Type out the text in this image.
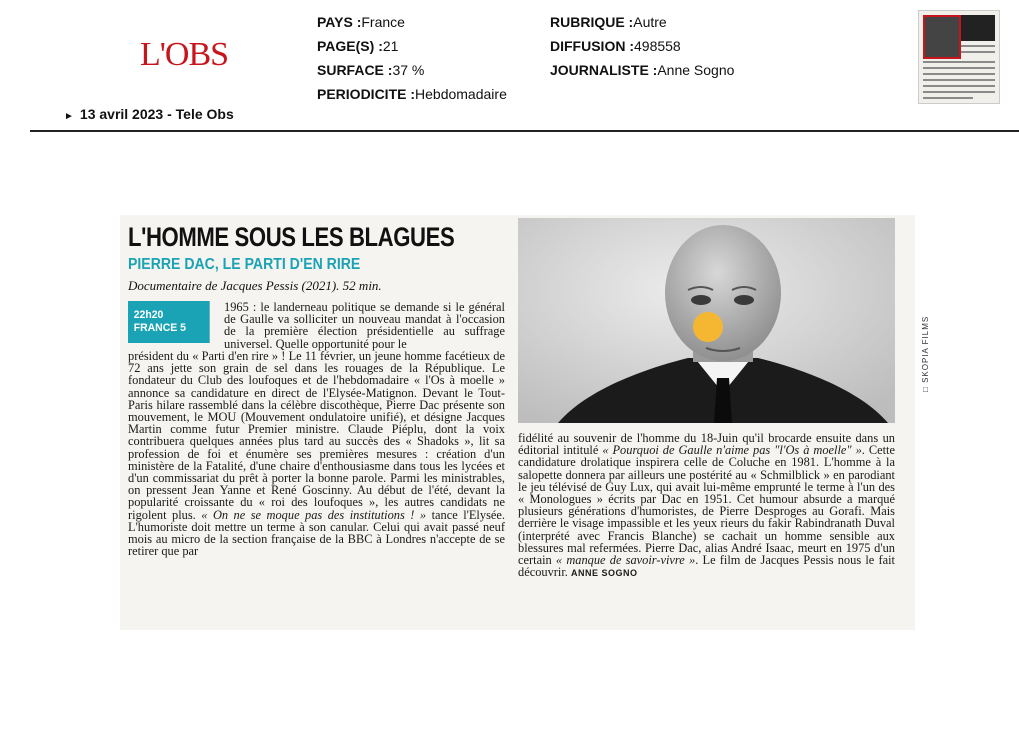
L'OBS
PAYS :France
PAGE(S) :21
SURFACE :37 %
PERIODICITE :Hebdomadaire
RUBRIQUE :Autre
DIFFUSION :498558
JOURNALISTE :Anne Sogno
► 13 avril 2023 - Tele Obs
L'HOMME SOUS LES BLAGUES
PIERRE DAC, LE PARTI D'EN RIRE
Documentaire de Jacques Pessis (2021). 52 min.
22h20
FRANCE 5

1965 : le landerneau politique se demande si le général de Gaulle va solliciter un nouveau mandat à l'occasion de la première élection présidentielle au suffrage universel. Quelle opportunité pour le

président du « Parti d'en rire » ! Le 11 février, un jeune homme facétieux de 72 ans jette son grain de sel dans les rouages de la République. Le fondateur du Club des loufoques et de l'hebdomadaire « l'Os à moelle » annonce sa candidature en direct de l'Elysée-Matignon. Devant le Tout-Paris hilare rassemblé dans la célèbre discothèque, Pierre Dac présente son mouvement, le MOU (Mouvement ondulatoire unifié), et désigne Jacques Martin comme futur Premier ministre. Claude Piéplu, dont la voix contribuera quelques années plus tard au succès des « Shadoks », lit sa profession de foi et énumère ses premières mesures : création d'un ministère de la Fatalité, d'une chaire d'enthousiasme dans tous les lycées et d'un commissariat du prêt à porter la bonne parole. Parmi les ministrables, on pressent Jean Yanne et René Goscinny. Au début de l'été, devant la popularité croissante du « roi des loufoques », les autres candidats ne rigolent plus. « On ne se moque pas des institutions ! » tance l'Elysée. L'humoriste doit mettre un terme à son canular. Celui qui avait passé neuf mois au micro de la section française de la BBC à Londres n'accepte de se retirer que par

□ SKOPIA FILMS

fidélité au souvenir de l'homme du 18-Juin qu'il brocarde ensuite dans un éditorial intitulé « Pourquoi de Gaulle n'aime pas "l'Os à moelle" ». Cette candidature drolatique inspirera celle de Coluche en 1981. L'homme à la salopette donnera par ailleurs une postérité au « Schmilblick » en parodiant le jeu télévisé de Guy Lux, qui avait lui-même emprunté le terme à l'un des « Monologues » écrits par Dac en 1951. Cet humour absurde a marqué plusieurs générations d'humoristes, de Pierre Desproges au Gorafi. Mais derrière le visage impassible et les yeux rieurs du fakir Rabindranath Duval (interprété avec Francis Blanche) se cachait un homme sensible aux blessures mal refermées. Pierre Dac, alias André Isaac, meurt en 1975 d'un certain « manque de savoir-vivre ». Le film de Jacques Pessis nous le fait découvrir. ANNE SOGNO
